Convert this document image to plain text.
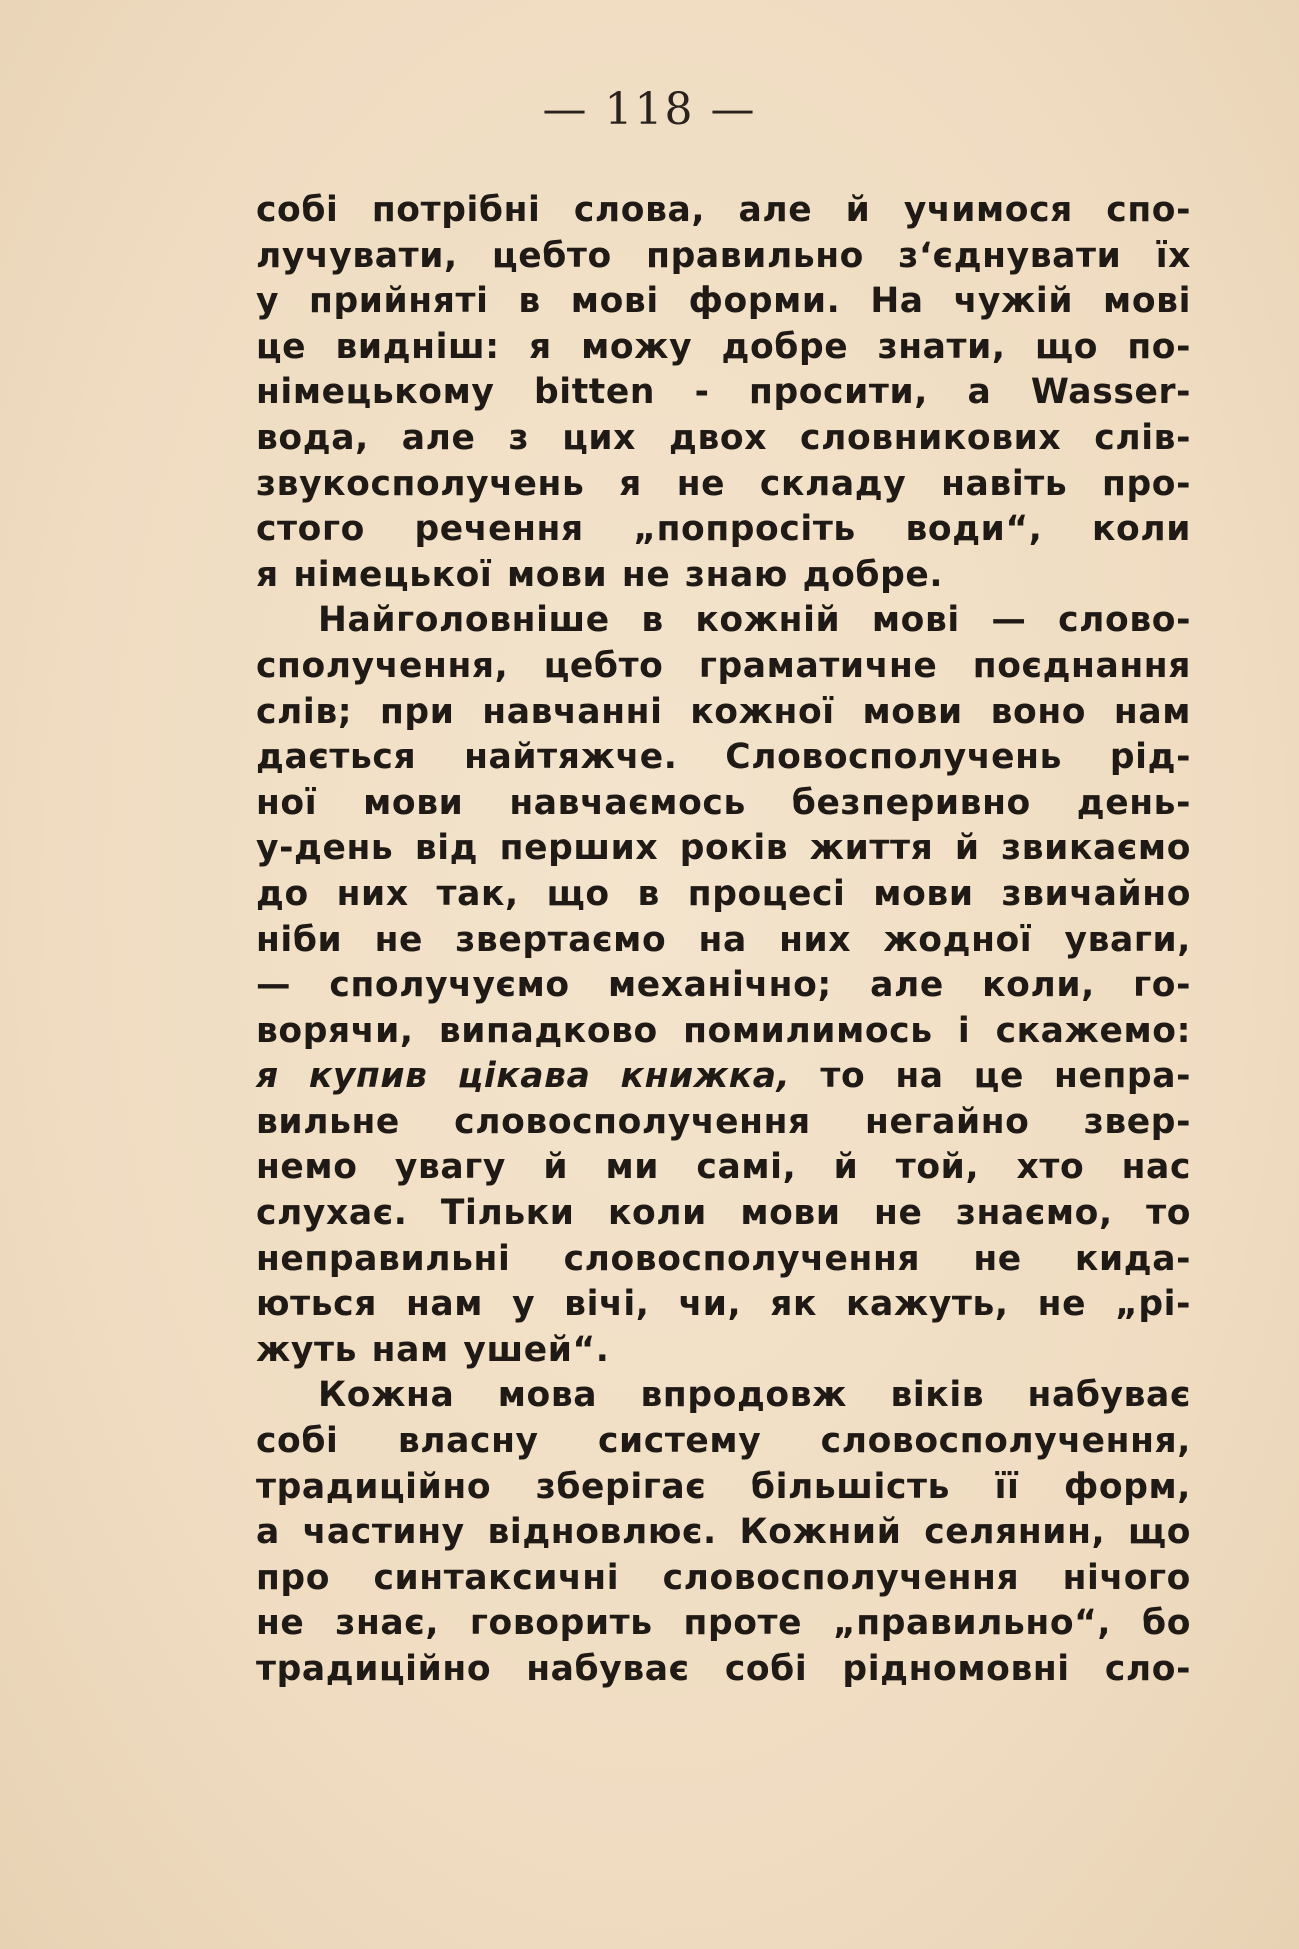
— 118 —
собі потрібні слова, але й учимося спо-
лучувати, цебто правильно з‘єднувати їх
у прийняті в мові форми. На чужій мові
це видніш: я можу добре знати, що по-
німецькому bitten - просити, а Wasser-
вода, але з цих двох словникових слів-
звукосполучень я не складу навіть про-
стого речення „попросіть води“, коли
я німецької мови не знаю добре.
Найголовніше в кожній мові — слово-
сполучення, цебто граматичне поєднання
слів; при навчанні кожної мови воно нам
дається найтяжче. Словосполучень рід-
ної мови навчаємось безперивно день-
у-день від перших років життя й звикаємо
до них так, що в процесі мови звичайно
ніби не звертаємо на них жодної уваги,
— сполучуємо механічно; але коли, го-
ворячи, випадково помилимось і скажемо:
я купив цікава книжка, то на це непра-
вильне словосполучення негайно звер-
немо увагу й ми самі, й той, хто нас
слухає. Тільки коли мови не знаємо, то
неправильні словосполучення не кида-
ються нам у вічі, чи, як кажуть, не „рі-
жуть нам ушей“.
Кожна мова впродовж віків набуває
собі власну систему словосполучення,
традиційно зберігає більшість її форм,
а частину відновлює. Кожний селянин, що
про синтаксичні словосполучення нічого
не знає, говорить проте „правильно“, бо
традиційно набуває собі рідномовні сло-
